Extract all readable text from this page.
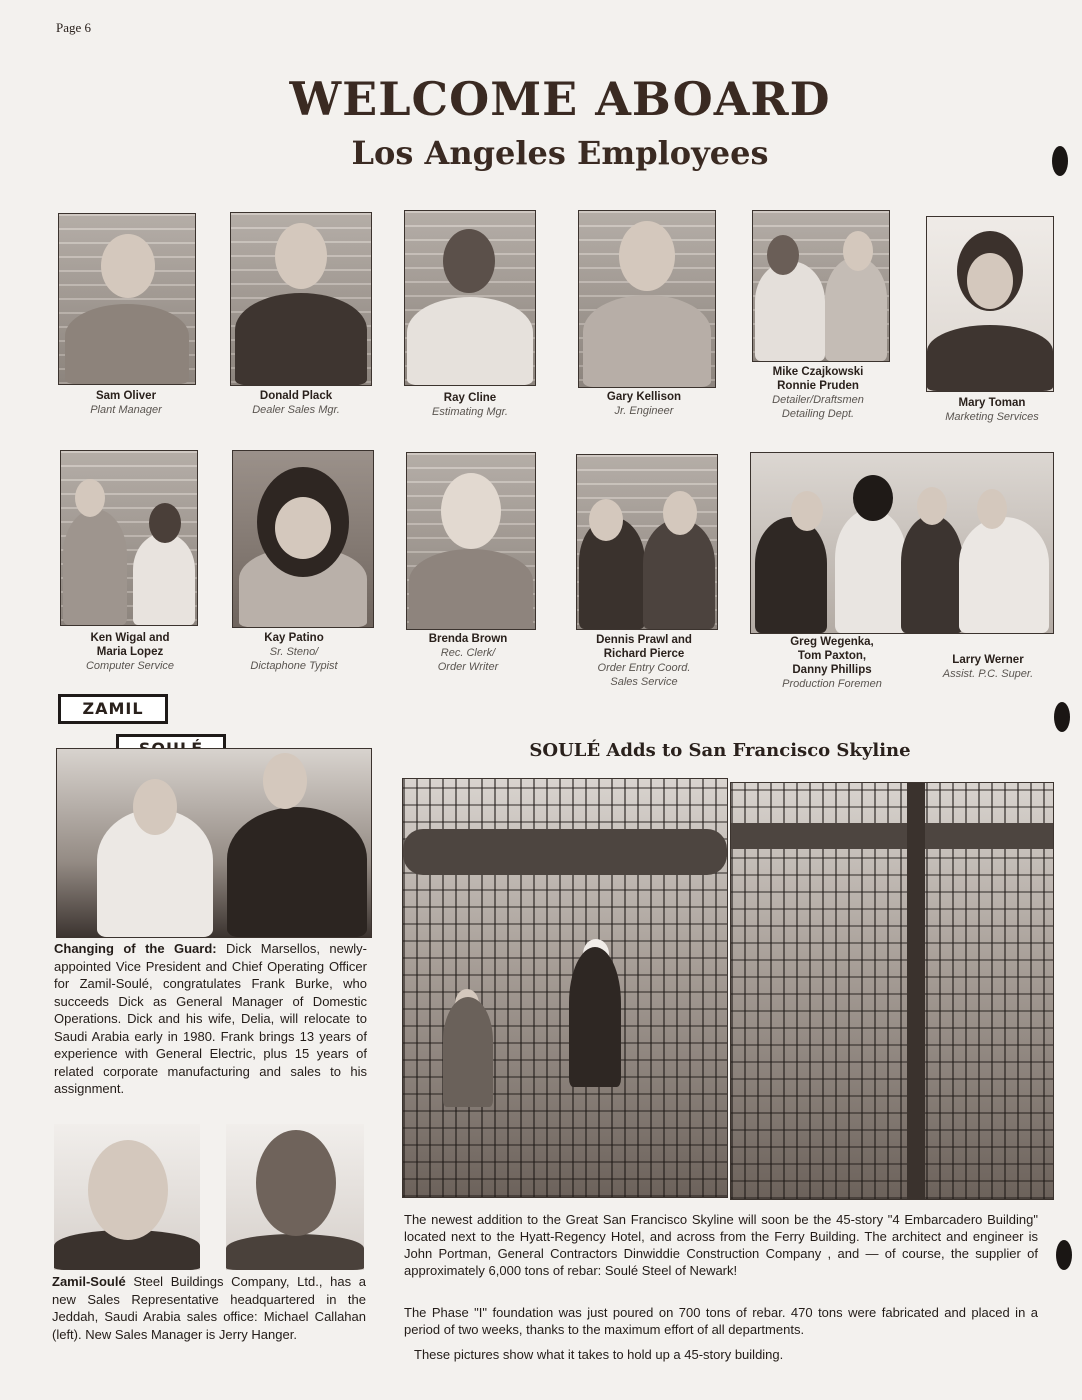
Page 6
WELCOME ABOARD
Los Angeles Employees
Sam Oliver
Plant Manager
Donald Plack
Dealer Sales Mgr.
Ray Cline
Estimating Mgr.
Gary Kellison
Jr. Engineer
Mike Czajkowski
Ronnie Pruden
Detailer/Draftsmen
Detailing Dept.
Mary Toman
Marketing Services
Ken Wigal and
Maria Lopez
Computer Service
Kay Patino
Sr. Steno/
Dictaphone Typist
Brenda Brown
Rec. Clerk/
Order Writer
Dennis Prawl and
Richard Pierce
Order Entry Coord.
Sales Service
Greg Wegenka,
Tom Paxton,
Danny Phillips
Production Foremen
Larry Werner
Assist. P.C. Super.
ZAMIL
Changing of the Guard: Dick Marsellos, newly-appointed Vice President and Chief Operating Officer for Zamil-Soulé, congratulates Frank Burke, who succeeds Dick as General Manager of Domestic Operations. Dick and his wife, Delia, will relocate to Saudi Arabia early in 1980. Frank brings 13 years of experience with General Electric, plus 15 years of related corporate manufacturing and sales to his assignment.
Zamil-Soulé Steel Buildings Company, Ltd., has a new Sales Representative headquartered in the Jeddah, Saudi Arabia sales office: Michael Callahan (left). New Sales Manager is Jerry Hanger.
SOULÉ Adds to San Francisco Skyline
The newest addition to the Great San Francisco Skyline will soon be the 45-story "4 Embarcadero Building" located next to the Hyatt-Regency Hotel, and across from the Ferry Building. The architect and engineer is John Portman, General Contractors Dinwiddie Construction Company , and — of course, the supplier of approximately 6,000 tons of rebar: Soulé Steel of Newark!
The Phase "I" foundation was just poured on 700 tons of rebar. 470 tons were fabricated and placed in a period of two weeks, thanks to the maximum effort of all departments.
These pictures show what it takes to hold up a 45-story building.
